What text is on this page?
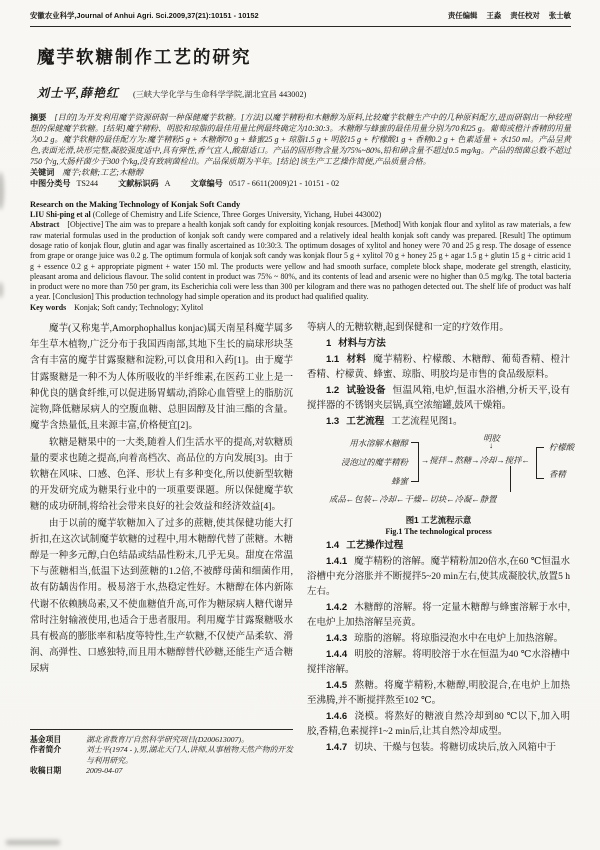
安徽农业科学,Journal of Anhui Agri. Sci.2009,37(21):10151 - 10152	责任编辑 王淼 责任校对 张士敏
魔芋软糖制作工艺的研究
刘士平,薛艳红 (三峡大学化学与生命科学学院,湖北宜昌 443002)
摘要 [目的]为开发利用魔芋资源研制一种保健魔芋软糖。[方法]以魔芋精粉和木糖醇为原料,比较魔芋软糖生产中的几种原料配方,进而研制出一种较理想的保健魔芋软糖。[结果]魔芋精粉、明胶和琼脂的最佳用量比例最终确定为10:30:3。木糖醇与蜂蜜的最佳用量分别为70和25 g。葡萄或橙汁香精的用量为0.2 g。魔芋软糖的最佳配方为:魔芋精粉5 g + 木糖醇70 g + 蜂蜜25 g + 琼脂1.5 g + 明胶15 g + 柠檬酸1 g + 香精0.2 g + 色素适量 + 水150 ml。产品呈黄色,表面光滑,块形完整,凝胶强度适中,具有弹性,香气宜人,酸甜适口。产品的固形物含量为75%~80%,铅和砷含量不超过0.5 mg/kg。产品的细菌总数不超过750个/g,大肠杆菌少于300个/kg,没有致病菌检出。产品保质期为半年。[结论]该生产工艺操作简便,产品质量合格。
关键词 魔芋;软糖;工艺;木糖醇
中图分类号 TS244 文献标识码 A 文章编号 0517 - 6611(2009)21 - 10151 - 02
Research on the Making Technology of Konjak Soft Candy
LIU Shi-ping et al (College of Chemistry and Life Science, Three Gorges University, Yichang, Hubei 443002)
Abstract [Objective] The aim was to prepare a health konjak soft candy for exploiting konjak resources. [Method] With konjak flour and xylitol as raw materials, a few raw material formulas used in the production of konjak soft candy were compared and a relatively ideal health konjak soft candy was prepared. [Result] The optimum dosage ratio of konjak flour, glutin and agar was finally ascertained as 10:30:3. The optimum dosages of xylitol and honey were 70 and 25 g resp. The dosage of essence from grape or orange juice was 0.2 g. The optimum formula of konjak soft candy was konjak flour 5 g + xylitol 70 g + honey 25 g + agar 1.5 g + glutin 15 g + citric acid 1 g + essence 0.2 g + appropriate pigment + water 150 ml. The products were yellow and had smooth surface, complete block shape, moderate gel strength, elasticity, pleasant aroma and delicious flavour. The solid content in product was 75% ~ 80%, and its contents of lead and arsenic were no higher than 0.5 mg/kg. The total bacteria in product were no more than 750 per gram, its Escherichia coli were less than 300 per kilogram and there was no pathogen detected out. The shelf life of product was half a year. [Conclusion] This production technology had simple operation and its product had qualified quality.
Key words Konjak; Soft candy; Technology; Xylitol

魔芋(又称鬼芋,Amorphophallus konjac)属天南星科魔芋属多年生草木植物,广泛分布于我国西南部,其地下生长的扁球形块茎含有丰富的魔芋甘露聚糖和淀粉,可以食用和入药[1]。由于魔芋甘露聚糖是一种不为人体所吸收的半纤维素,在医药工业上是一种优良的膳食纤维,可以促进肠胃蠕动,消除心血管壁上的脂肪沉淀物,降低糖尿病人的空腹血糖、总胆固醇及甘油三酯的含量。魔芋含热量低,且来源丰富,价格便宜[2]。

软糖是糖果中的一大类,随着人们生活水平的提高,对软糖质量的要求也随之提高,向着高档次、高品位的方向发展[3]。由于软糖在风味、口感、色泽、形状上有多种变化,所以使新型软糖的开发研究成为糖果行业中的一项重要课题。所以保健魔芋软糖的成功研制,将给社会带来良好的社会效益和经济效益[4]。

由于以前的魔芋软糖加入了过多的蔗糖,使其保健功能大打折扣,在这次试制魔芋软糖的过程中,用木糖醇代替了蔗糖。木糖醇是一种多元醇,白色结晶或结晶性粉末,几乎无臭。甜度在常温下与蔗糖相当,低温下达到蔗糖的1.2倍,不被酵母菌和细菌作用,故有防龋齿作用。极易溶于水,热稳定性好。木糖醇在体内新陈代谢不依赖胰岛素,又不使血糖值升高,可作为糖尿病人糖代谢异常时注射输液使用,也适合于患者服用。利用魔芋甘露聚糖吸水具有极高的膨胀率和粘度等特性,生产软糖,不仅使产品柔软、滑润、高弹性、口感独特,而且用木糖醇替代砂糖,还能生产适合糖尿病

基金项目	湖北省教育厅自然科学研究项目(D200613007)。
作者简介	刘士平(1974 - ),男,湖北天门人,讲师,从事植物天然产物的开发与利用研究。
收稿日期	2009-04-07

等病人的无糖软糖,起到保健和一定的疗效作用。

1 材料与方法

1.1 材料 魔芋精粉、柠檬酸、木糖醇、葡萄香精、橙汁香精、柠檬黄、蜂蜜、琼脂、明胶均是市售的食品级原料。

1.2 试验设备 恒温风箱,电炉,恒温水浴槽,分析天平,设有搅拌器的不锈钢夹层锅,真空浓缩罐,鼓风干燥箱。

1.3 工艺流程 工艺流程见图1。

用水溶解木糖醇
浸泡过的魔芋精粉
蜂蜜
→搅拌→熬糖→冷却→搅拌←
明胶
↓	柠檬酸
香精
成品←包装←冷却←干燥←切块←冷凝←静置
图1 工艺流程示意
Fig.1 The technological process

1.4 工艺操作过程

1.4.1 魔芋精粉的溶解。魔芋精粉加20倍水,在60 ℃恒温水浴槽中充分溶胀并不断搅拌5~20 min左右,使其成凝胶状,放置5 h左右。

1.4.2 木糖醇的溶解。将一定量木糖醇与蜂蜜溶解于水中,在电炉上加热溶解呈亮黄。

1.4.3 琼脂的溶解。将琼脂浸泡水中在电炉上加热溶解。

1.4.4 明胶的溶解。将明胶溶于水在恒温为40 ℃水浴槽中搅拌溶解。

1.4.5 熬糖。将魔芋精粉,木糖醇,明胶混合,在电炉上加热至沸腾,并不断搅拌熬至102 ℃。

1.4.6 浇模。将熬好的糖液自然冷却到80 ℃以下,加入明胶,香精,色素搅拌1~2 min后,让其自然冷却成型。

1.4.7 切块、干燥与包装。将糖切成块后,放入风箱中于
